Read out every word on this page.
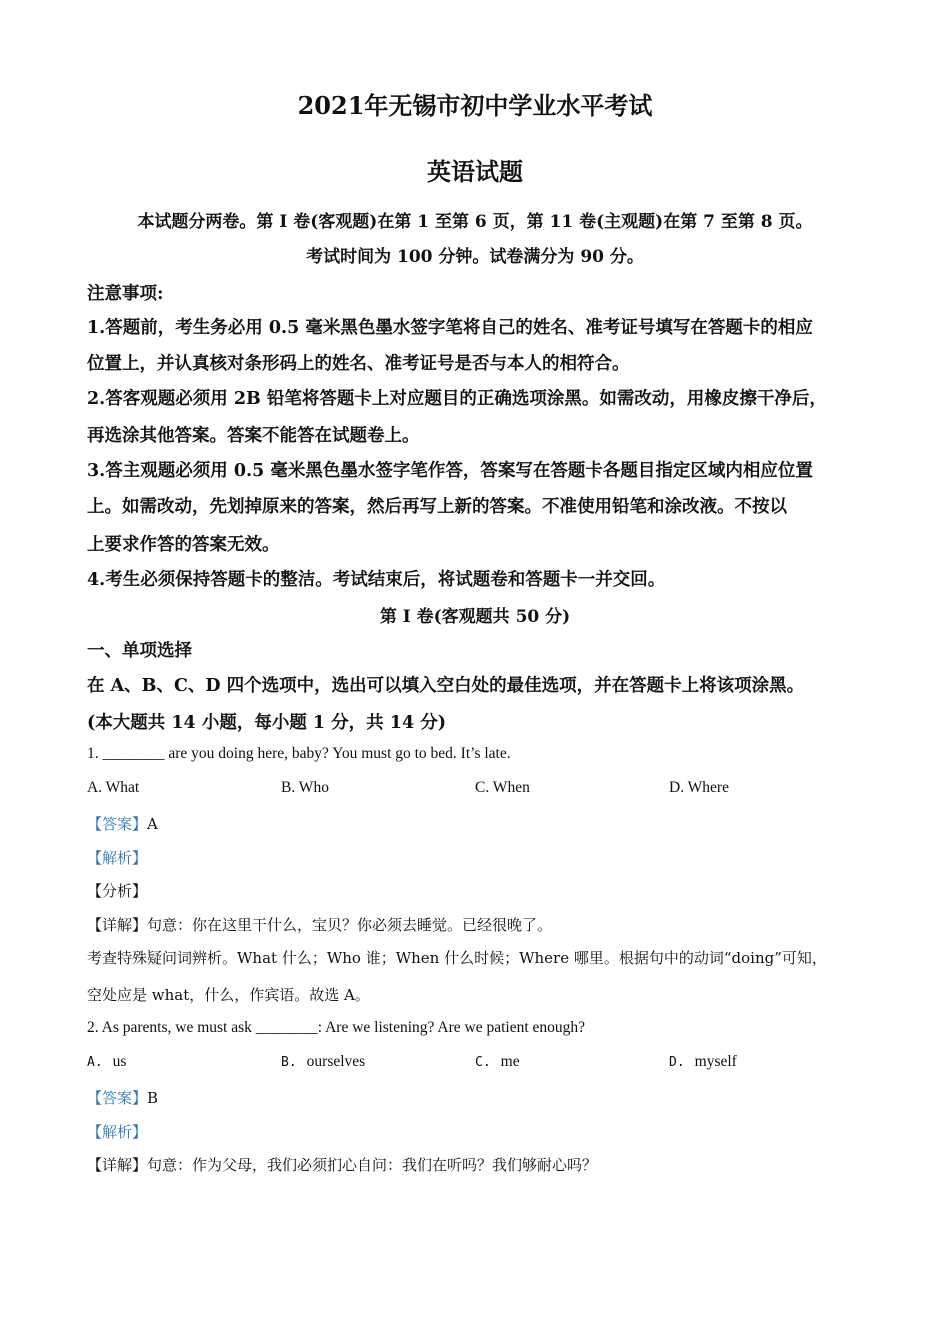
2021年无锡市初中学业水平考试
英语试题
本试题分两卷。第 I 卷(客观题)在第 1 至第 6 页，第 11 卷(主观题)在第 7 至第 8 页。
考试时间为 100 分钟。试卷满分为 90 分。
注意事项:
1.答题前，考生务必用 0.5 毫米黑色墨水签字笔将自己的姓名、准考证号填写在答题卡的相应
位置上，并认真核对条形码上的姓名、准考证号是否与本人的相符合。
2.答客观题必须用 2B 铅笔将答题卡上对应题目的正确选项涂黑。如需改动，用橡皮擦干净后，
再选涂其他答案。答案不能答在试题卷上。
3.答主观题必须用 0.5 毫米黑色墨水签字笔作答，答案写在答题卡各题目指定区域内相应位置
上。如需改动，先划掉原来的答案，然后再写上新的答案。不准使用铅笔和涂改液。不按以
上要求作答的答案无效。
4.考生必须保持答题卡的整洁。考试结束后，将试题卷和答题卡一并交回。
第 I 卷(客观题共 50 分)
一、单项选择
在 A、B、C、D 四个选项中，选出可以填入空白处的最佳选项，并在答题卡上将该项涂黑。
(本大题共 14 小题，每小题 1 分，共 14 分)
1. ________ are you doing here, baby? You must go to bed. It’s late.
A. What	B. Who	C. When	D. Where
【答案】A
【解析】
【分析】
【详解】句意：你在这里干什么，宝贝？你必须去睡觉。已经很晚了。
考查特殊疑问词辨析。What 什么；Who 谁；When 什么时候；Where 哪里。根据句中的动词“doing”可知，
空处应是 what，什么，作宾语。故选 A。
2. As parents, we must ask ________: Are we listening? Are we patient enough?
A. us	B. ourselves	C. me	D. myself
【答案】B
【解析】
【详解】句意：作为父母，我们必须扪心自问：我们在听吗？我们够耐心吗？
